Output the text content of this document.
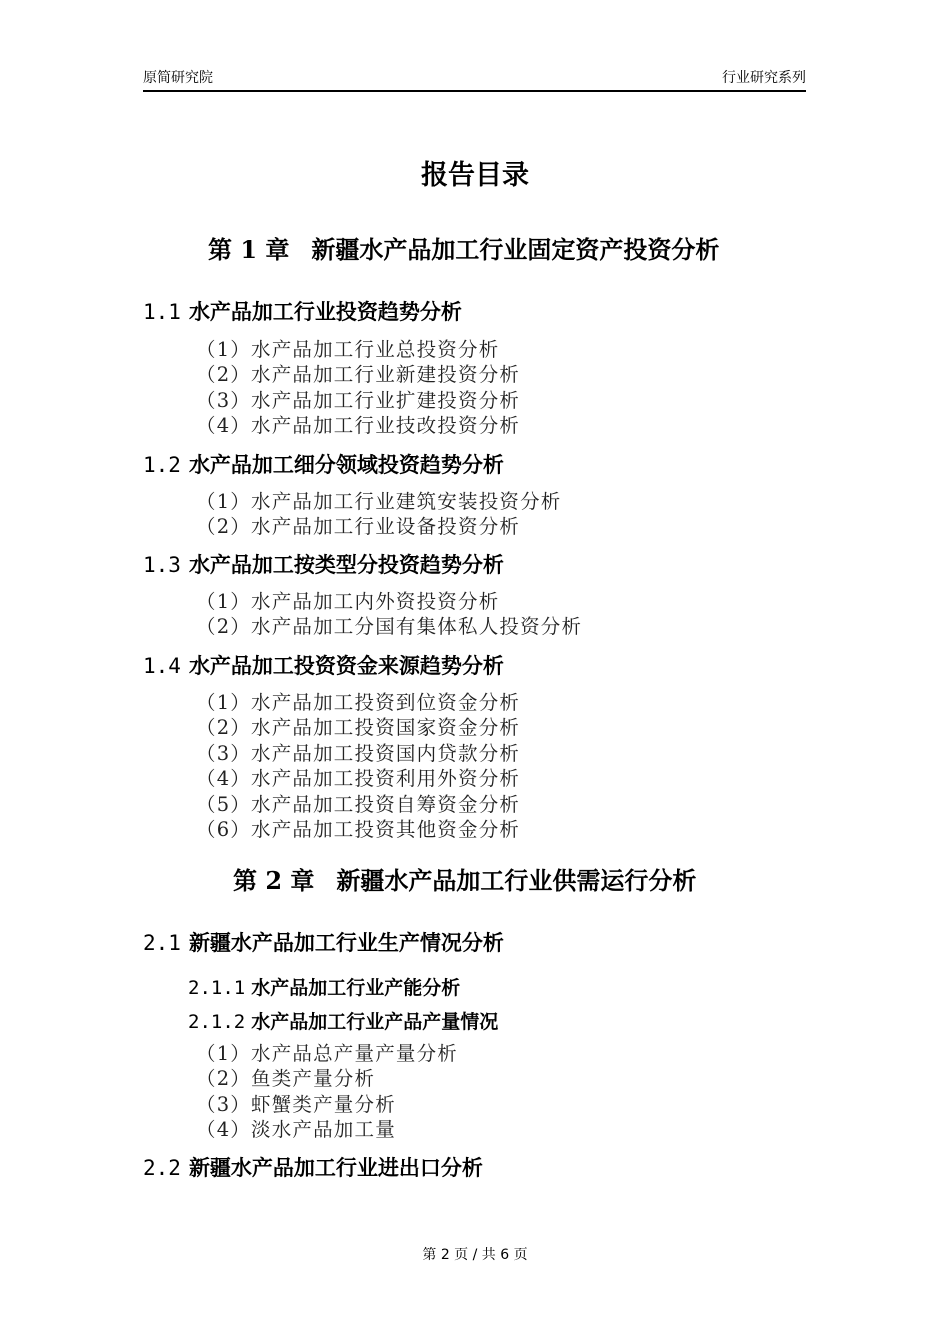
原简研究院	行业研究系列
报告目录
第 1 章 新疆水产品加工行业固定资产投资分析
1.1 水产品加工行业投资趋势分析
（1）水产品加工行业总投资分析
（2）水产品加工行业新建投资分析
（3）水产品加工行业扩建投资分析
（4）水产品加工行业技改投资分析
1.2 水产品加工细分领域投资趋势分析
（1）水产品加工行业建筑安装投资分析
（2）水产品加工行业设备投资分析
1.3 水产品加工按类型分投资趋势分析
（1）水产品加工内外资投资分析
（2）水产品加工分国有集体私人投资分析
1.4 水产品加工投资资金来源趋势分析
（1）水产品加工投资到位资金分析
（2）水产品加工投资国家资金分析
（3）水产品加工投资国内贷款分析
（4）水产品加工投资利用外资分析
（5）水产品加工投资自筹资金分析
（6）水产品加工投资其他资金分析
第 2 章 新疆水产品加工行业供需运行分析
2.1 新疆水产品加工行业生产情况分析
2.1.1 水产品加工行业产能分析
2.1.2 水产品加工行业产品产量情况
（1）水产品总产量产量分析
（2）鱼类产量分析
（3）虾蟹类产量分析
（4）淡水产品加工量
2.2 新疆水产品加工行业进出口分析
第 2 页 / 共 6 页
